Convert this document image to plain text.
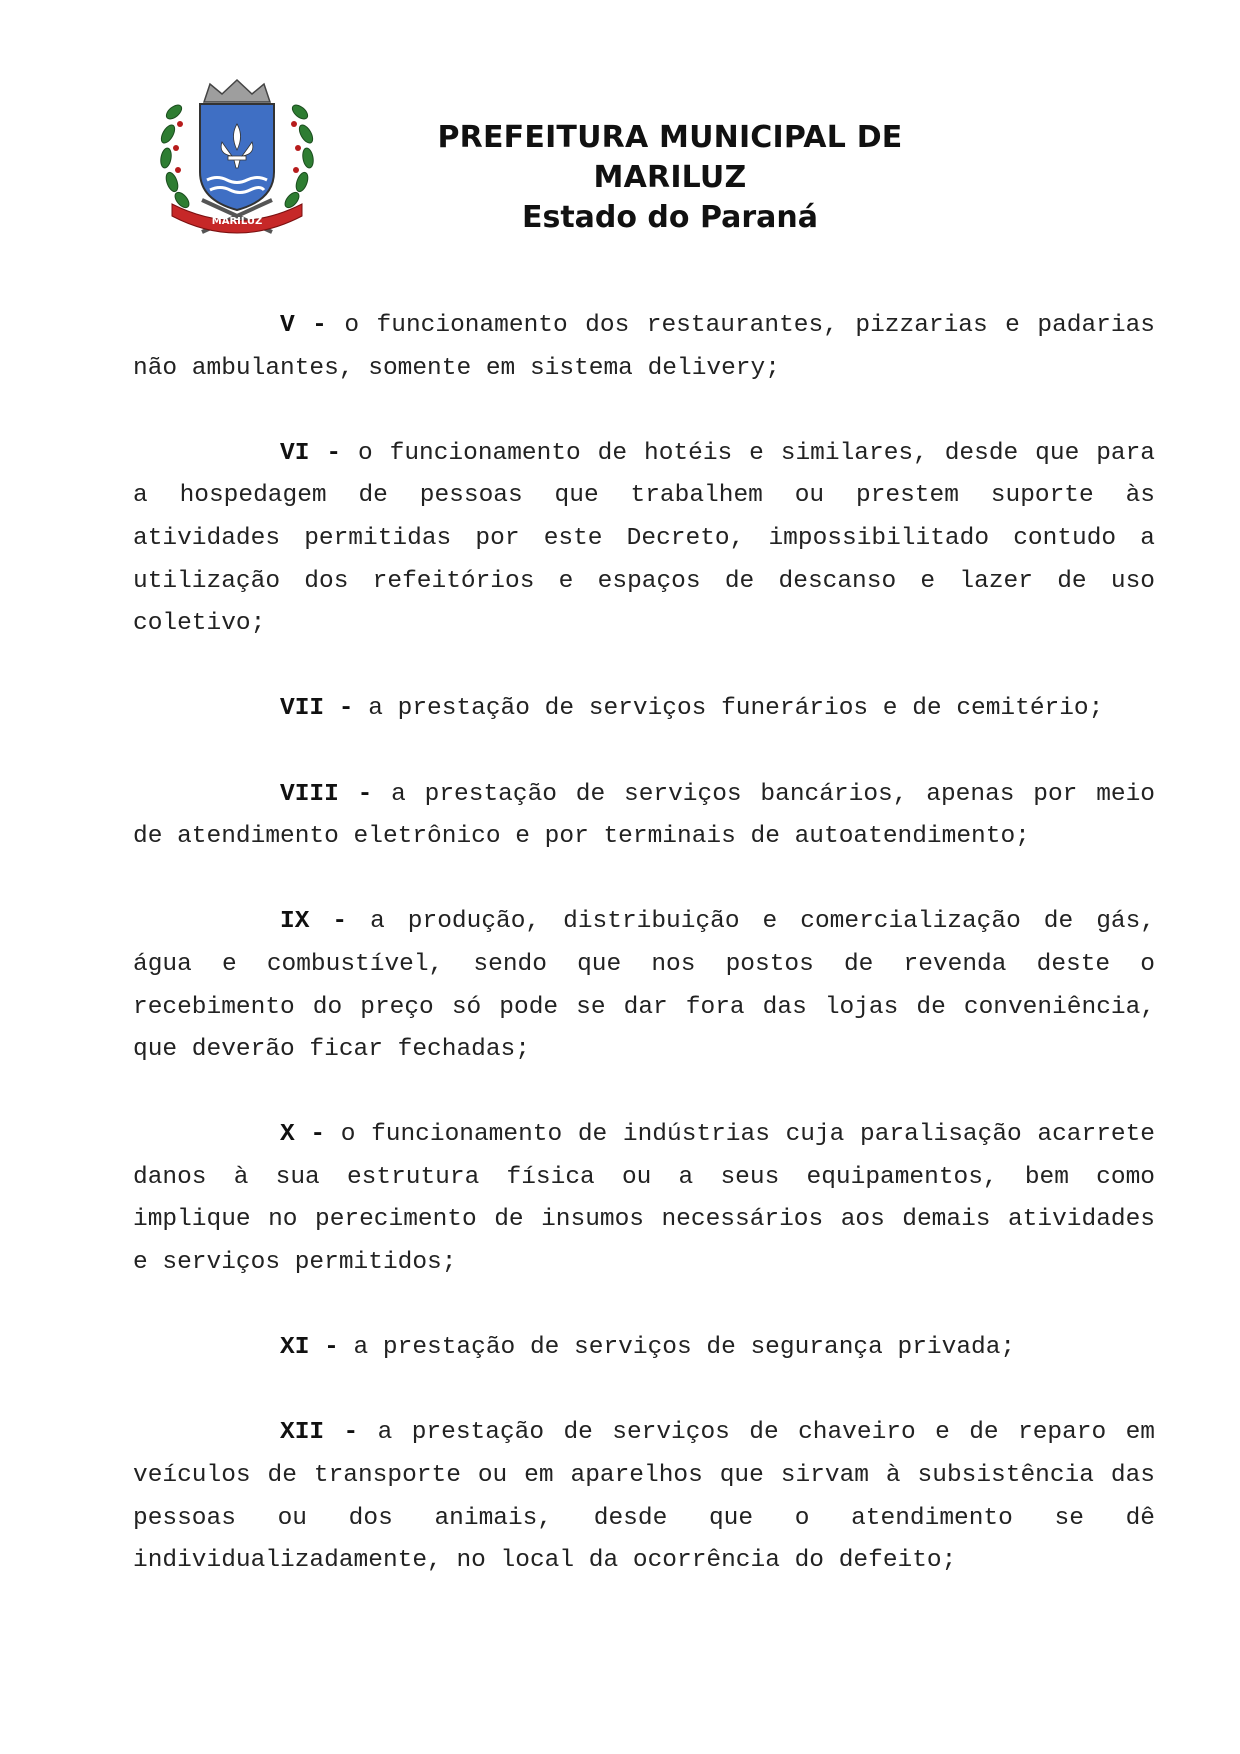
MARILUZ
PREFEITURA MUNICIPAL DE MARILUZ
Estado do Paraná

V - o funcionamento dos restaurantes, pizzarias e padarias não ambulantes, somente em sistema delivery;

VI - o funcionamento de hotéis e similares, desde que para a hospedagem de pessoas que trabalhem ou prestem suporte às atividades permitidas por este Decreto, impossibilitado contudo a utilização dos refeitórios e espaços de descanso e lazer de uso coletivo;

VII - a prestação de serviços funerários e de cemitério;

VIII - a prestação de serviços bancários, apenas por meio de atendimento eletrônico e por terminais de autoatendimento;

IX - a produção, distribuição e comercialização de gás, água e combustível, sendo que nos postos de revenda deste o recebimento do preço só pode se dar fora das lojas de conveniência, que deverão ficar fechadas;

X - o funcionamento de indústrias cuja paralisação acarrete danos à sua estrutura física ou a seus equipamentos, bem como implique no perecimento de insumos necessários aos demais atividades e serviços permitidos;

XI - a prestação de serviços de segurança privada;

XII - a prestação de serviços de chaveiro e de reparo em veículos de transporte ou em aparelhos que sirvam à subsistência das pessoas ou dos animais, desde que o atendimento se dê individualizadamente, no local da ocorrência do defeito;
